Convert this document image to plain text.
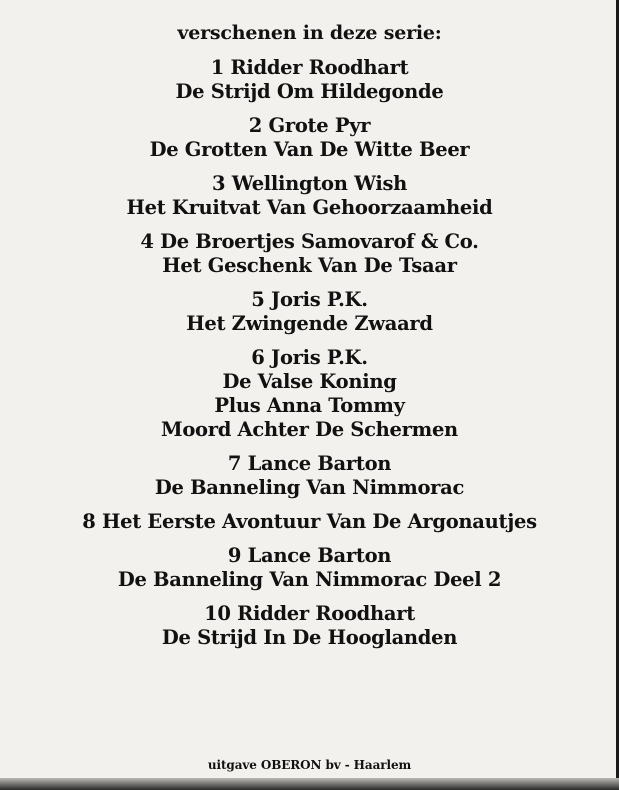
verschenen in deze serie:
1 Ridder Roodhart
De Strijd Om Hildegonde
2 Grote Pyr
De Grotten Van De Witte Beer
3 Wellington Wish
Het Kruitvat Van Gehoorzaamheid
4 De Broertjes Samovarof & Co.
Het Geschenk Van De Tsaar
5 Joris P.K.
Het Zwingende Zwaard
6 Joris P.K.
De Valse Koning
Plus Anna Tommy
Moord Achter De Schermen
7 Lance Barton
De Banneling Van Nimmorac
8 Het Eerste Avontuur Van De Argonautjes
9 Lance Barton
De Banneling Van Nimmorac Deel 2
10 Ridder Roodhart
De Strijd In De Hooglanden
uitgave OBERON bv - Haarlem
